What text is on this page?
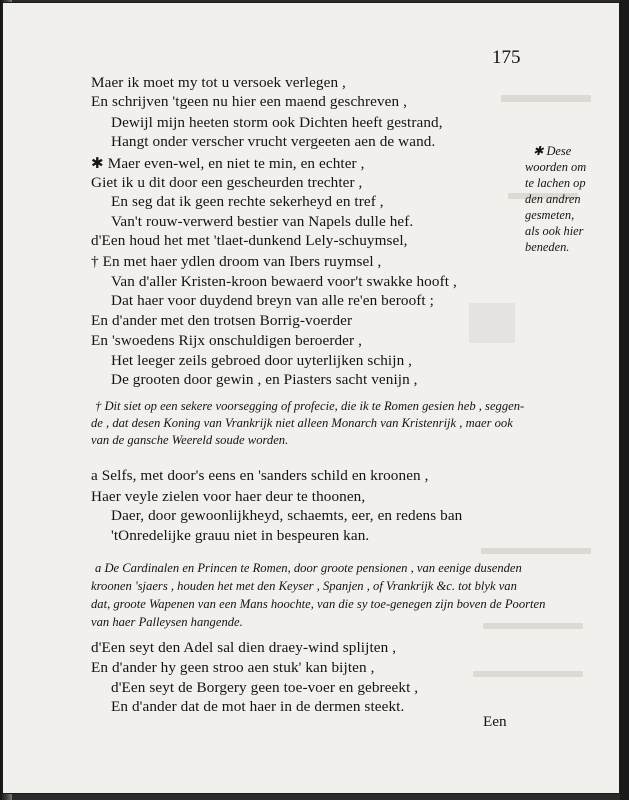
175
Maer ik moet my tot u versoek verlegen ,
En schrijven 'tgeen nu hier een maend geschreven ,
Dewijl mijn heeten storm ook Dichten heeft gestrand,
Hangt onder verscher vrucht vergeeten aen de wand.
✱ Maer even-wel, en niet te min, en echter ,
Giet ik u dit door een gescheurden trechter ,
En seg dat ik geen rechte sekerheyd en tref ,
Van't rouw-verwerd bestier van Napels dulle hef.
d'Een houd het met 'tlaet-dunkend Lely-schuymsel,
† En met haer ydlen droom van Ibers ruymsel ,
Van d'aller Kristen-kroon bewaerd voor't swakke hooft ,
Dat haer voor duydend breyn van alle re'en berooft ;
En d'ander met den trotsen Borrig-voerder
En 'swoedens Rijx onschuldigen beroerder ,
Het leeger zeils gebroed door uyterlijken schijn ,
De grooten door gewin , en Piasters sacht venijn ,
✱ Dese
woorden om
te lachen op
den andren
gesmeten,
als ook hier
beneden.
† Dit siet op een sekere voorsegging of profecie, die ik te Romen gesien heb , seggen-
de , dat desen Koning van Vrankrijk niet alleen Monarch van Kristenrijk , maer ook
van de gansche Weereld soude worden.
a Selfs, met door's eens en 'sanders schild en kroonen ,
Haer veyle zielen voor haer deur te thoonen,
Daer, door gewoonlijkheyd, schaemts, eer, en redens ban
'tOnredelijke grauu niet in bespeuren kan.
a De Cardinalen en Princen te Romen, door groote pensionen , van eenige dusenden
kroonen 'sjaers , houden het met den Keyser , Spanjen , of Vrankrijk &c. tot blyk van
dat, groote Wapenen van een Mans hoochte, van die sy toe-genegen zijn boven de Poorten
van haer Palleysen hangende.
d'Een seyt den Adel sal dien draey-wind splijten ,
En d'ander hy geen stroo aen stuk' kan bijten ,
d'Een seyt de Borgery geen toe-voer en gebreekt ,
En d'ander dat de mot haer in de dermen steekt.
Een
